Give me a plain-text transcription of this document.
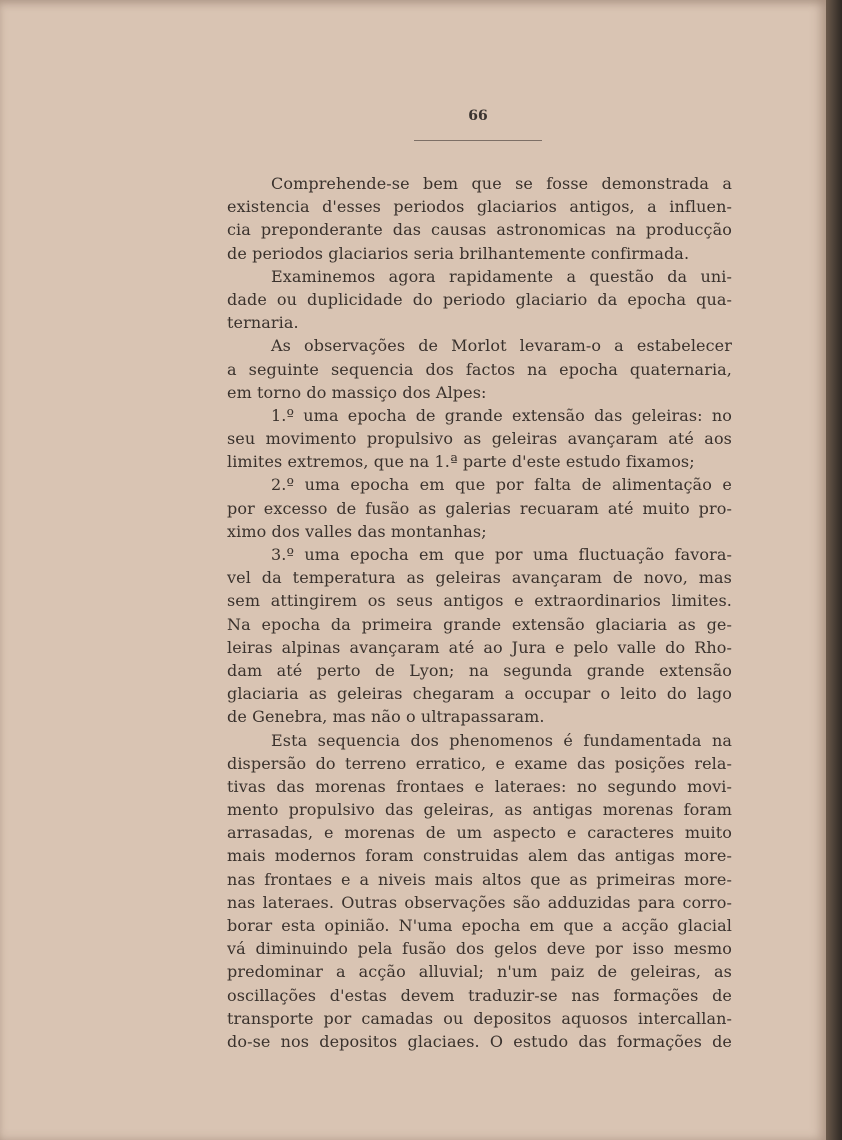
66
Comprehende-se bem que se fosse demonstrada a
existencia d'esses periodos glaciarios antigos, a influen-
cia preponderante das causas astronomicas na producção
de periodos glaciarios seria brilhantemente confirmada.
Examinemos agora rapidamente a questão da uni-
dade ou duplicidade do periodo glaciario da epocha qua-
ternaria.
As observações de Morlot levaram-o a estabelecer
a seguinte sequencia dos factos na epocha quaternaria,
em torno do massiço dos Alpes:
1.º uma epocha de grande extensão das geleiras: no
seu movimento propulsivo as geleiras avançaram até aos
limites extremos, que na 1.ª parte d'este estudo fixamos;
2.º uma epocha em que por falta de alimentação e
por excesso de fusão as galerias recuaram até muito pro-
ximo dos valles das montanhas;
3.º uma epocha em que por uma fluctuação favora-
vel da temperatura as geleiras avançaram de novo, mas
sem attingirem os seus antigos e extraordinarios limites.
Na epocha da primeira grande extensão glaciaria as ge-
leiras alpinas avançaram até ao Jura e pelo valle do Rho-
dam até perto de Lyon; na segunda grande extensão
glaciaria as geleiras chegaram a occupar o leito do lago
de Genebra, mas não o ultrapassaram.
Esta sequencia dos phenomenos é fundamentada na
dispersão do terreno erratico, e exame das posições rela-
tivas das morenas frontaes e lateraes: no segundo movi-
mento propulsivo das geleiras, as antigas morenas foram
arrasadas, e morenas de um aspecto e caracteres muito
mais modernos foram construidas alem das antigas more-
nas frontaes e a niveis mais altos que as primeiras more-
nas lateraes. Outras observações são adduzidas para corro-
borar esta opinião. N'uma epocha em que a acção glacial
vá diminuindo pela fusão dos gelos deve por isso mesmo
predominar a acção alluvial; n'um paiz de geleiras, as
oscillações d'estas devem traduzir-se nas formações de
transporte por camadas ou depositos aquosos intercallan-
do-se nos depositos glaciaes. O estudo das formações de
